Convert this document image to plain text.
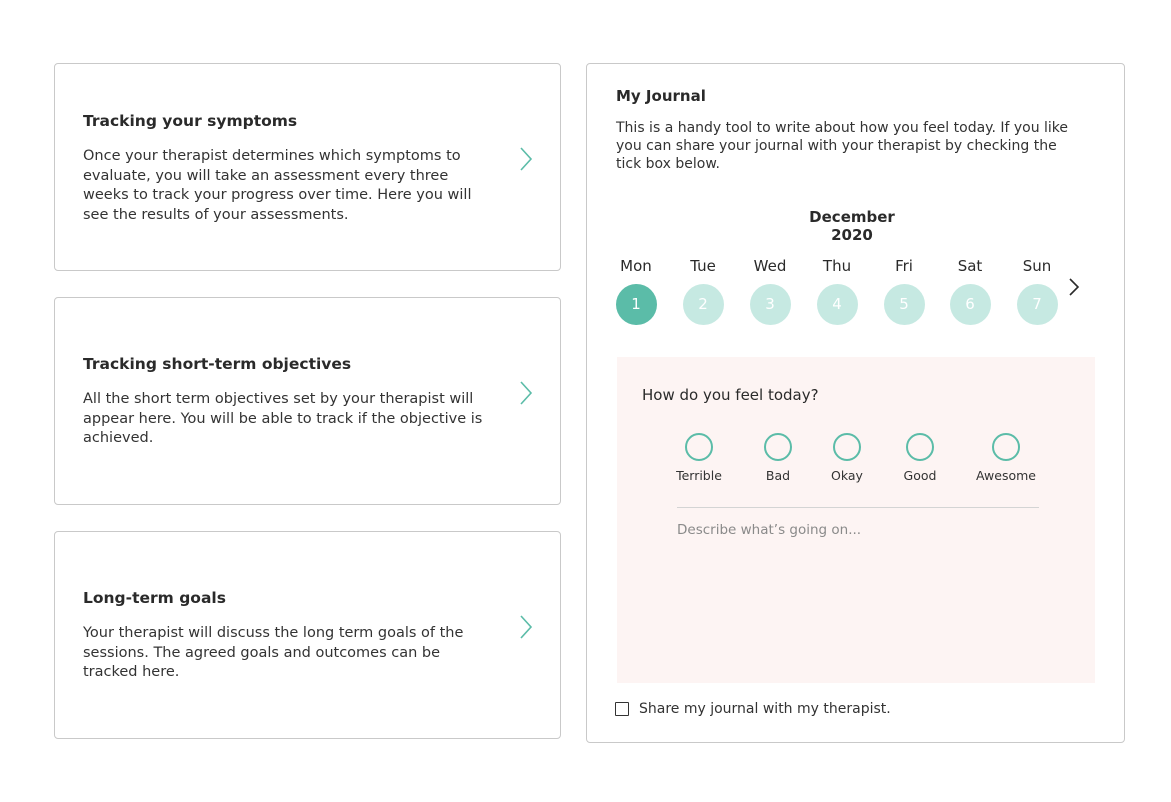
Tracking your symptoms

Once your therapist determines which symptoms to evaluate, you will take an assessment every three weeks to track your progress over time. Here you will see the results of your assessments.

Tracking short-term objectives

All the short term objectives set by your therapist will appear here. You will be able to track if the objective is achieved.

Long-term goals

Your therapist will discuss the long term goals of the sessions. The agreed goals and outcomes can be tracked here.

My Journal

This is a handy tool to write about how you feel today. If you like you can share your journal with your therapist by checking the tick box below.

December 2020
Mon
1
Tue
2
Wed
3
Thu
4
Fri
5
Sat
6
Sun
7
How do you feel today?
Terrible	Bad	Okay	Good	Awesome
Describe what’s going on...
Share my journal with my therapist.
